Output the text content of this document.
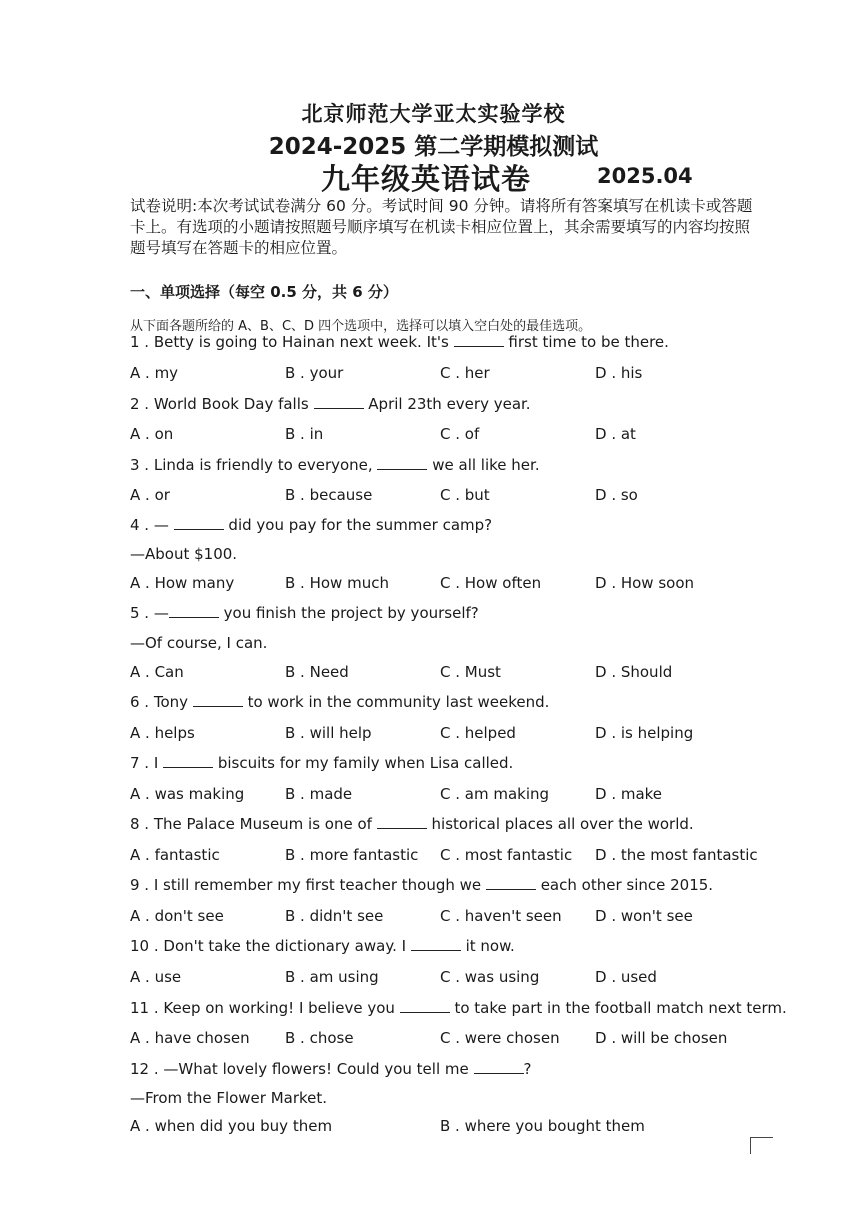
北京师范大学亚太实验学校
2024-2025 第二学期模拟测试
九年级英语试卷	2025.04
试卷说明:本次考试试卷满分 60 分。考试时间 90 分钟。请将所有答案填写在机读卡或答题卡上。有选项的小题请按照题号顺序填写在机读卡相应位置上，其余需要填写的内容均按照题号填写在答题卡的相应位置。
一、单项选择（每空 0.5 分，共 6 分）
从下面各题所给的 A、B、C、D 四个选项中，选择可以填入空白处的最佳选项。
1 . Betty is going to Hainan next week. It's	first time to be there.
A . my	B . your	C . her	D . his
2 . World Book Day falls	April 23th every year.
A . on	B . in	C . of	D . at
3 . Linda is friendly to everyone,	we all like her.
A . or	B . because	C . but	D . so
4 . —	did you pay for the summer camp?
—About $100.
A . How many	B . How much	C . How often	D . How soon
5 . —	you finish the project by yourself?
—Of course, I can.
A . Can	B . Need	C . Must	D . Should
6 . Tony	to work in the community last weekend.
A . helps	B . will help	C . helped	D . is helping
7 . I	biscuits for my family when Lisa called.
A . was making	B . made	C . am making	D . make
8 . The Palace Museum is one of	historical places all over the world.
A . fantastic	B . more fantastic C . most fantastic D . the most fantastic
9 . I still remember my first teacher though we	each other since 2015.
A . don't see	B . didn't see	C . haven't seen D . won't see
10 . Don't take the dictionary away. I	it now.
A . use	B . am using	C . was using	D . used
11 . Keep on working! I believe you	to take part in the football match next term.
A . have chosen B . chose	C . were chosen D . will be chosen
12 . —What lovely flowers! Could you tell me	?
—From the Flower Market.
A . when did you buy them	B . where you bought them
